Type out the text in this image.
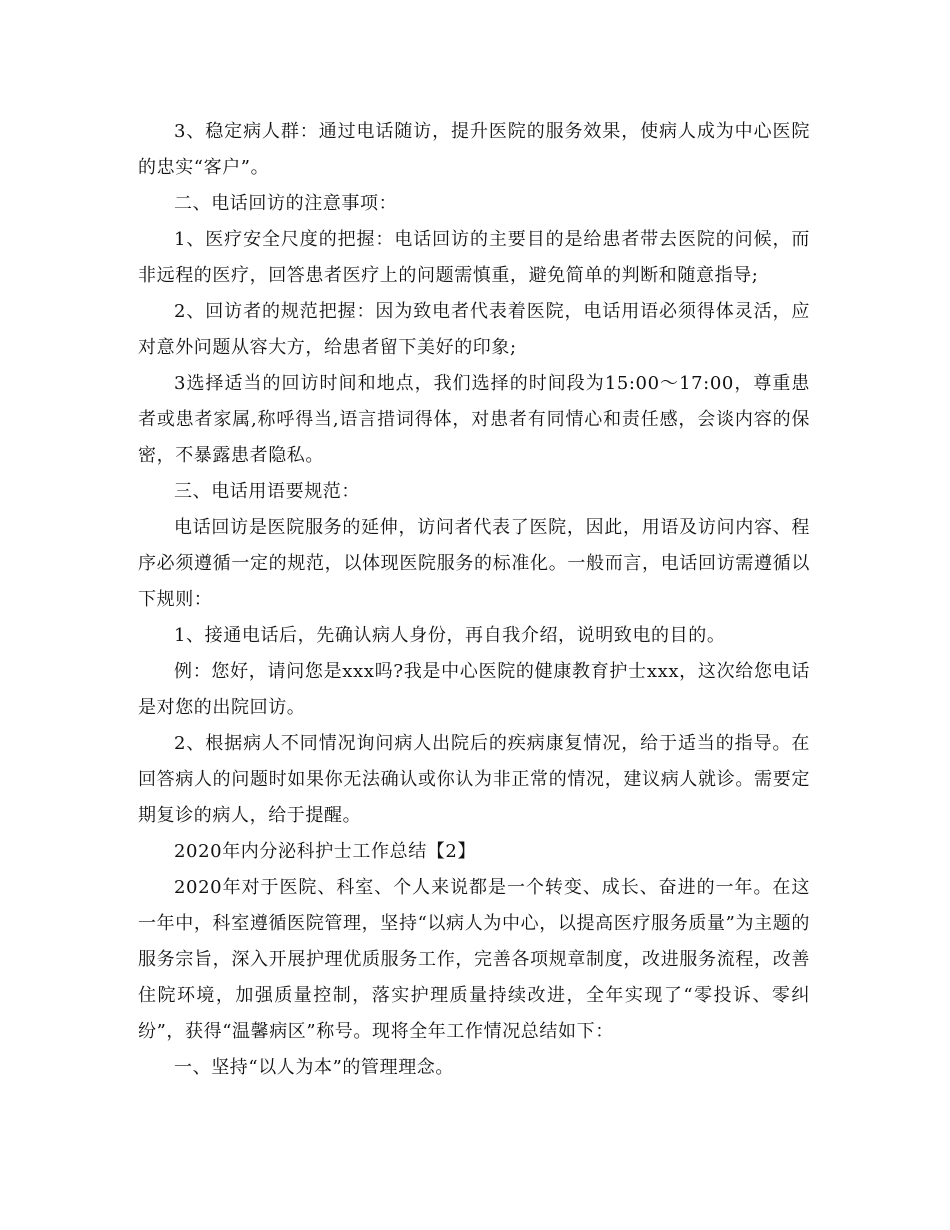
3、稳定病人群：通过电话随访，提升医院的服务效果，使病人成为中心医院的忠实“客户”。

二、电话回访的注意事项：

1、医疗安全尺度的把握：电话回访的主要目的是给患者带去医院的问候，而非远程的医疗，回答患者医疗上的问题需慎重，避免简单的判断和随意指导;

2、回访者的规范把握：因为致电者代表着医院，电话用语必须得体灵活，应对意外问题从容大方，给患者留下美好的印象;

3选择适当的回访时间和地点，我们选择的时间段为15:00～17:00，尊重患者或患者家属,称呼得当,语言措词得体，对患者有同情心和责任感，会谈内容的保密，不暴露患者隐私。

三、电话用语要规范：

电话回访是医院服务的延伸，访问者代表了医院，因此，用语及访问内容、程序必须遵循一定的规范，以体现医院服务的标准化。一般而言，电话回访需遵循以下规则：

1、接通电话后，先确认病人身份，再自我介绍，说明致电的目的。

例：您好，请问您是xxx吗?我是中心医院的健康教育护士xxx，这次给您电话是对您的出院回访。

2、根据病人不同情况询问病人出院后的疾病康复情况，给于适当的指导。在回答病人的问题时如果你无法确认或你认为非正常的情况，建议病人就诊。需要定期复诊的病人，给于提醒。

2020年内分泌科护士工作总结【2】

2020年对于医院、科室、个人来说都是一个转变、成长、奋进的一年。在这一年中，科室遵循医院管理，坚持“以病人为中心，以提高医疗服务质量”为主题的服务宗旨，深入开展护理优质服务工作，完善各项规章制度，改进服务流程，改善住院环境，加强质量控制，落实护理质量持续改进，全年实现了“零投诉、零纠纷”，获得“温馨病区”称号。现将全年工作情况总结如下：

一、坚持“以人为本”的管理理念。
